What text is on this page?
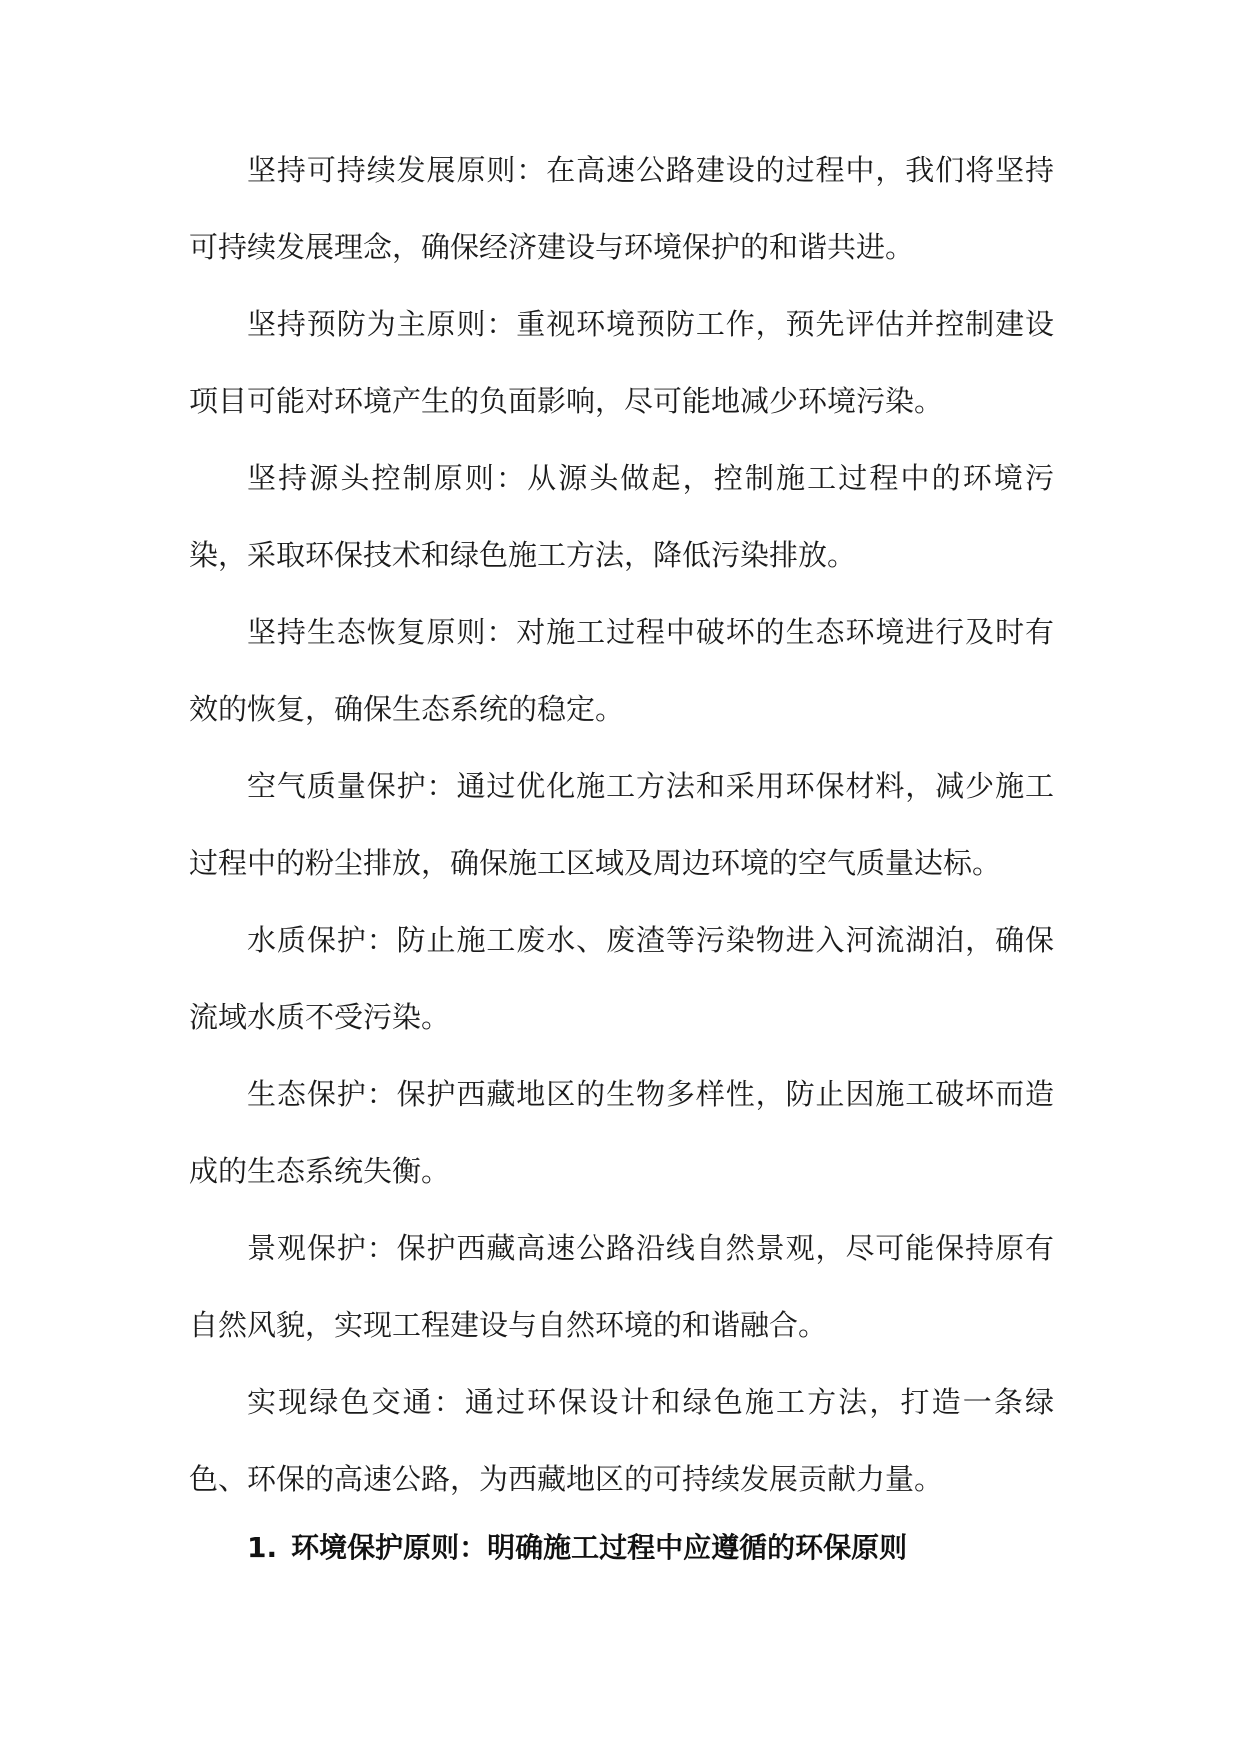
坚持可持续发展原则：在高速公路建设的过程中，我们将坚持可持续发展理念，确保经济建设与环境保护的和谐共进。

坚持预防为主原则：重视环境预防工作，预先评估并控制建设项目可能对环境产生的负面影响，尽可能地减少环境污染。

坚持源头控制原则：从源头做起，控制施工过程中的环境污染，采取环保技术和绿色施工方法，降低污染排放。

坚持生态恢复原则：对施工过程中破坏的生态环境进行及时有效的恢复，确保生态系统的稳定。

空气质量保护：通过优化施工方法和采用环保材料，减少施工过程中的粉尘排放，确保施工区域及周边环境的空气质量达标。

水质保护：防止施工废水、废渣等污染物进入河流湖泊，确保流域水质不受污染。

生态保护：保护西藏地区的生物多样性，防止因施工破坏而造成的生态系统失衡。

景观保护：保护西藏高速公路沿线自然景观，尽可能保持原有自然风貌，实现工程建设与自然环境的和谐融合。

实现绿色交通：通过环保设计和绿色施工方法，打造一条绿色、环保的高速公路，为西藏地区的可持续发展贡献力量。

1. 环境保护原则：明确施工过程中应遵循的环保原则
